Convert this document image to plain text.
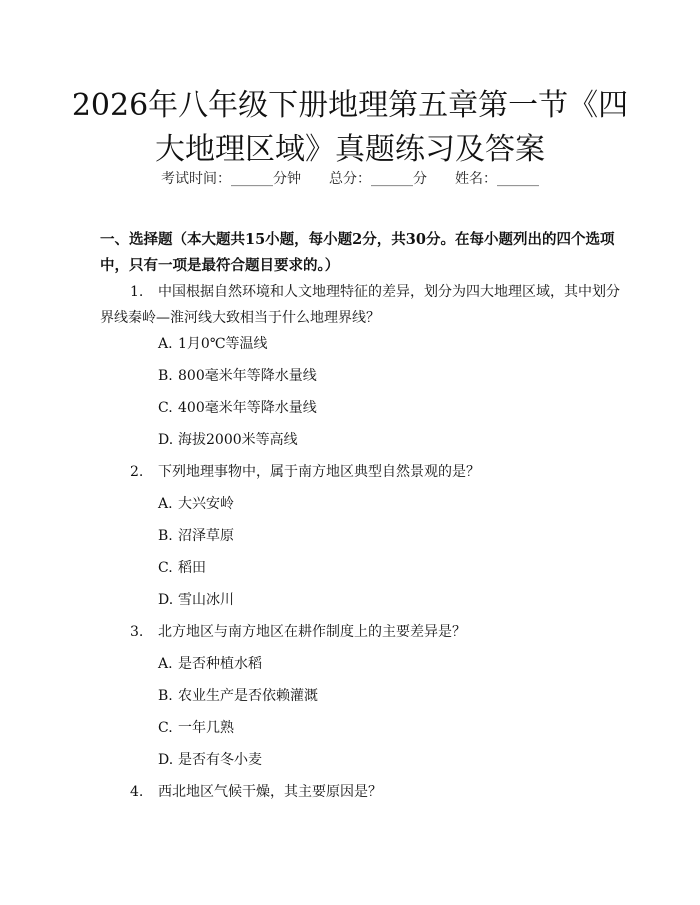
2026年八年级下册地理第五章第一节《四大地理区域》真题练习及答案
考试时间：______分钟　　总分：______分　　姓名：______

一、选择题（本大题共15小题，每小题2分，共30分。在每小题列出的四个选项中，只有一项是最符合题目要求的。）

1. 中国根据自然环境和人文地理特征的差异，划分为四大地理区域，其中划分界线秦岭—淮河线大致相当于什么地理界线？

A. 1月0℃等温线
B. 800毫米年等降水量线
C. 400毫米年等降水量线
D. 海拔2000米等高线

2. 下列地理事物中，属于南方地区典型自然景观的是？

A. 大兴安岭
B. 沼泽草原
C. 稻田
D. 雪山冰川

3. 北方地区与南方地区在耕作制度上的主要差异是？

A. 是否种植水稻
B. 农业生产是否依赖灌溉
C. 一年几熟
D. 是否有冬小麦

4. 西北地区气候干燥，其主要原因是？
